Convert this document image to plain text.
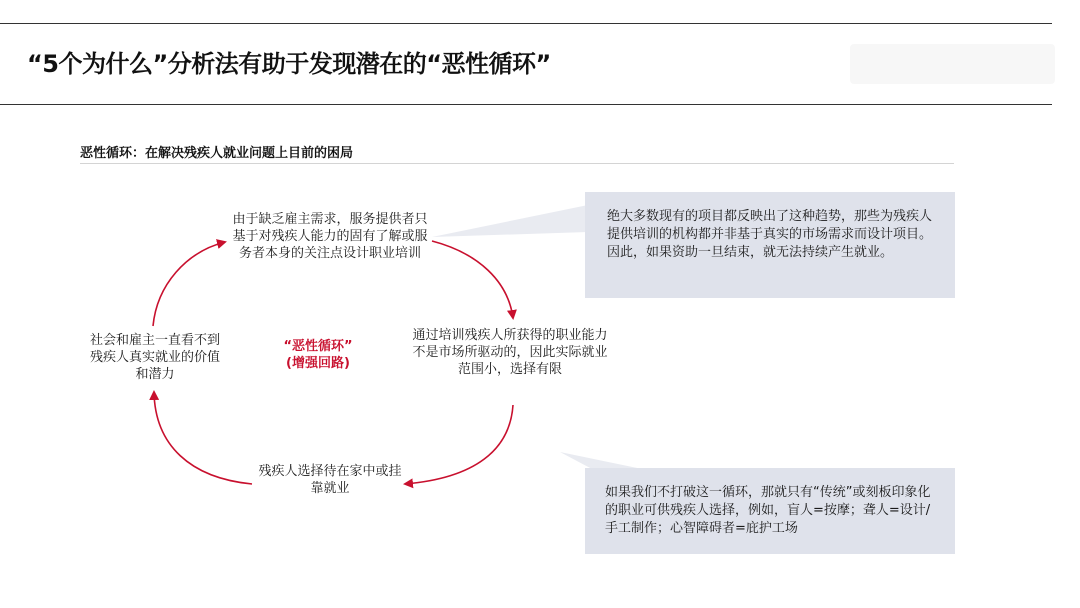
“5个为什么”分析法有助于发现潜在的“恶性循环”
恶性循环：在解决残疾人就业问题上目前的困局
由于缺乏雇主需求，服务提供者只基于对残疾人能力的固有了解或服务者本身的关注点设计职业培训
通过培训残疾人所获得的职业能力不是市场所驱动的，因此实际就业范围小，选择有限
残疾人选择待在家中或挂靠就业
社会和雇主一直看不到残疾人真实就业的价值和潜力
“恶性循环”
(增强回路)
绝大多数现有的项目都反映出了这种趋势，那些为残疾人提供培训的机构都并非基于真实的市场需求而设计项目。因此，如果资助一旦结束，就无法持续产生就业。
如果我们不打破这一循环，那就只有“传统”或刻板印象化的职业可供残疾人选择，例如，盲人=按摩；聋人=设计/手工制作；心智障碍者=庇护工场
